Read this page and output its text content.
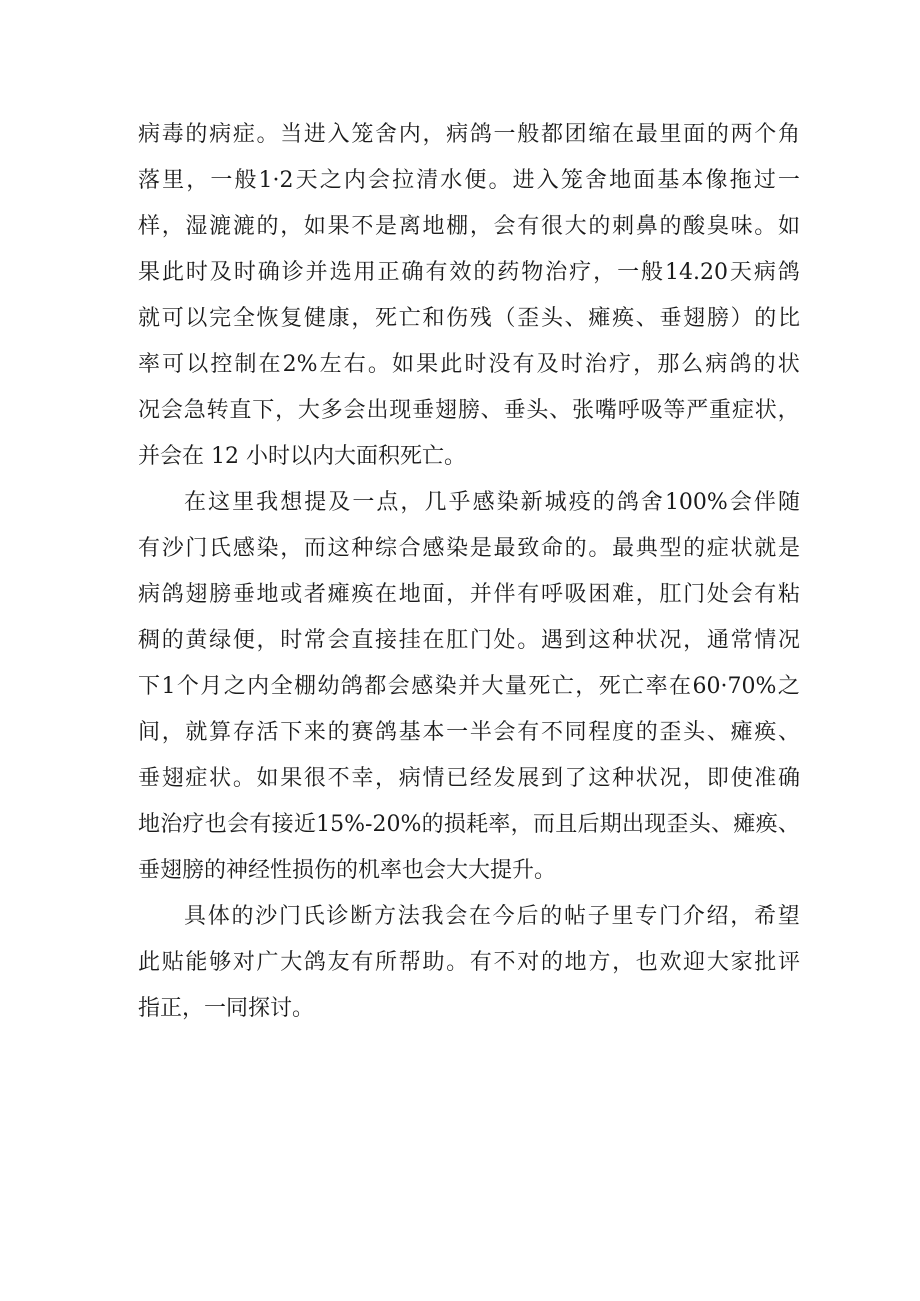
病 毒 的 病 症 。 当 进 入 笼 舍 内 ， 病 鸽 一 般 都 团 缩 在 最 里 面 的 两 个 角
落 里 ， 一 般 1·2 天 之 内 会 拉 清 水 便 。 进 入 笼 舍 地 面 基 本 像 拖 过 一
样 ， 湿 漉 漉 的 ， 如 果 不 是 离 地 棚 ， 会 有 很 大 的 刺 鼻 的 酸 臭 味 。 如
果 此 时 及 时 确 诊 并 选 用 正 确 有 效 的 药 物 治 疗 ， 一 般 14.20 天 病 鸽
就 可 以 完 全 恢 复 健 康 ， 死 亡 和 伤 残 （ 歪 头 、 瘫 痪 、 垂 翅 膀 ） 的 比
率 可 以 控 制 在 2% 左 右 。 如 果 此 时 没 有 及 时 治 疗 ， 那 么 病 鸽 的 状
况 会 急 转 直 下 ， 大 多 会 出 现 垂 翅 膀 、 垂 头 、 张 嘴 呼 吸 等 严 重 症 状 ，
并会在 12 小时以内大面积死亡。
在 这 里 我 想 提 及 一 点 ， 几 乎 感 染 新 城 疫 的 鸽 舍 100% 会 伴 随
有 沙 门 氏 感 染 ， 而 这 种 综 合 感 染 是 最 致 命 的 。 最 典 型 的 症 状 就 是
病 鸽 翅 膀 垂 地 或 者 瘫 痪 在 地 面 ， 并 伴 有 呼 吸 困 难 ， 肛 门 处 会 有 粘
稠 的 黄 绿 便 ， 时 常 会 直 接 挂 在 肛 门 处 。 遇 到 这 种 状 况 ， 通 常 情 况
下 1 个 月 之 内 全 棚 幼 鸽 都 会 感 染 并 大 量 死 亡 ， 死 亡 率 在 60·70% 之
间 ， 就 算 存 活 下 来 的 赛 鸽 基 本 一 半 会 有 不 同 程 度 的 歪 头 、 瘫 痪 、
垂 翅 症 状 。 如 果 很 不 幸 ， 病 情 已 经 发 展 到 了 这 种 状 况 ， 即 使 准 确
地 治 疗 也 会 有 接 近 15%-20% 的 损 耗 率 ， 而 且 后 期 出 现 歪 头 、 瘫 痪 、
垂翅膀的神经性损伤的机率也会大大提升。
具 体 的 沙 门 氏 诊 断 方 法 我 会 在 今 后 的 帖 子 里 专 门 介 绍 ， 希 望
此 贴 能 够 对 广 大 鸽 友 有 所 帮 助 。 有 不 对 的 地 方 ， 也 欢 迎 大 家 批 评
指正，一同探讨。
